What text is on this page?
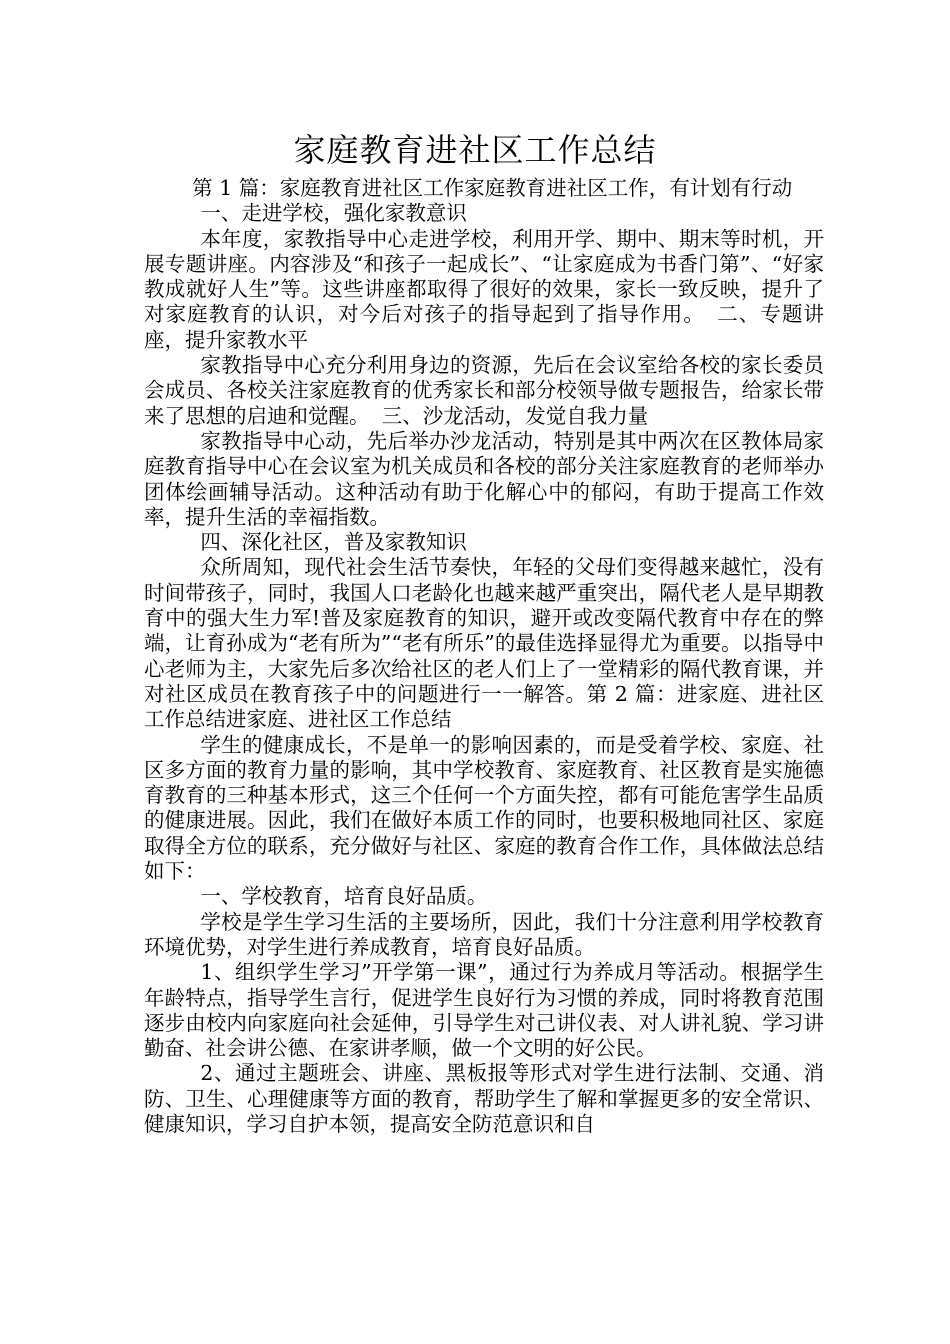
家庭教育进社区工作总结

第 1 篇：家庭教育进社区工作家庭教育进社区工作，有计划有行动

一、走进学校，强化家教意识

本年度，家教指导中心走进学校，利用开学、期中、期末等时机，开展专题讲座。内容涉及“和孩子一起成长”、“让家庭成为书香门第”、“好家教成就好人生”等。这些讲座都取得了很好的效果，家长一致反映，提升了对家庭教育的认识，对今后对孩子的指导起到了指导作用。 二、专题讲座，提升家教水平

家教指导中心充分利用身边的资源，先后在会议室给各校的家长委员会成员、各校关注家庭教育的优秀家长和部分校领导做专题报告，给家长带来了思想的启迪和觉醒。 三、沙龙活动，发觉自我力量

家教指导中心动，先后举办沙龙活动，特别是其中两次在区教体局家庭教育指导中心在会议室为机关成员和各校的部分关注家庭教育的老师举办团体绘画辅导活动。这种活动有助于化解心中的郁闷，有助于提高工作效率，提升生活的幸福指数。

四、深化社区，普及家教知识

众所周知，现代社会生活节奏快，年轻的父母们变得越来越忙，没有时间带孩子，同时，我国人口老龄化也越来越严重突出，隔代老人是早期教育中的强大生力军!普及家庭教育的知识，避开或改变隔代教育中存在的弊端，让育孙成为“老有所为”“老有所乐”的最佳选择显得尤为重要。以指导中心老师为主，大家先后多次给社区的老人们上了一堂精彩的隔代教育课，并对社区成员在教育孩子中的问题进行一一解答。第 2 篇：进家庭、进社区工作总结进家庭、进社区工作总结

学生的健康成长，不是单一的影响因素的，而是受着学校、家庭、社区多方面的教育力量的影响，其中学校教育、家庭教育、社区教育是实施德育教育的三种基本形式，这三个任何一个方面失控，都有可能危害学生品质的健康进展。因此，我们在做好本质工作的同时，也要积极地同社区、家庭取得全方位的联系，充分做好与社区、家庭的教育合作工作，具体做法总结如下：

一、学校教育，培育良好品质。

学校是学生学习生活的主要场所，因此，我们十分注意利用学校教育环境优势，对学生进行养成教育，培育良好品质。

1、组织学生学习”开学第一课”，通过行为养成月等活动。根据学生年龄特点，指导学生言行，促进学生良好行为习惯的养成，同时将教育范围逐步由校内向家庭向社会延伸，引导学生对己讲仪表、对人讲礼貌、学习讲勤奋、社会讲公德、在家讲孝顺，做一个文明的好公民。

2、通过主题班会、讲座、黑板报等形式对学生进行法制、交通、消防、卫生、心理健康等方面的教育，帮助学生了解和掌握更多的安全常识、健康知识，学习自护本领，提高安全防范意识和自
